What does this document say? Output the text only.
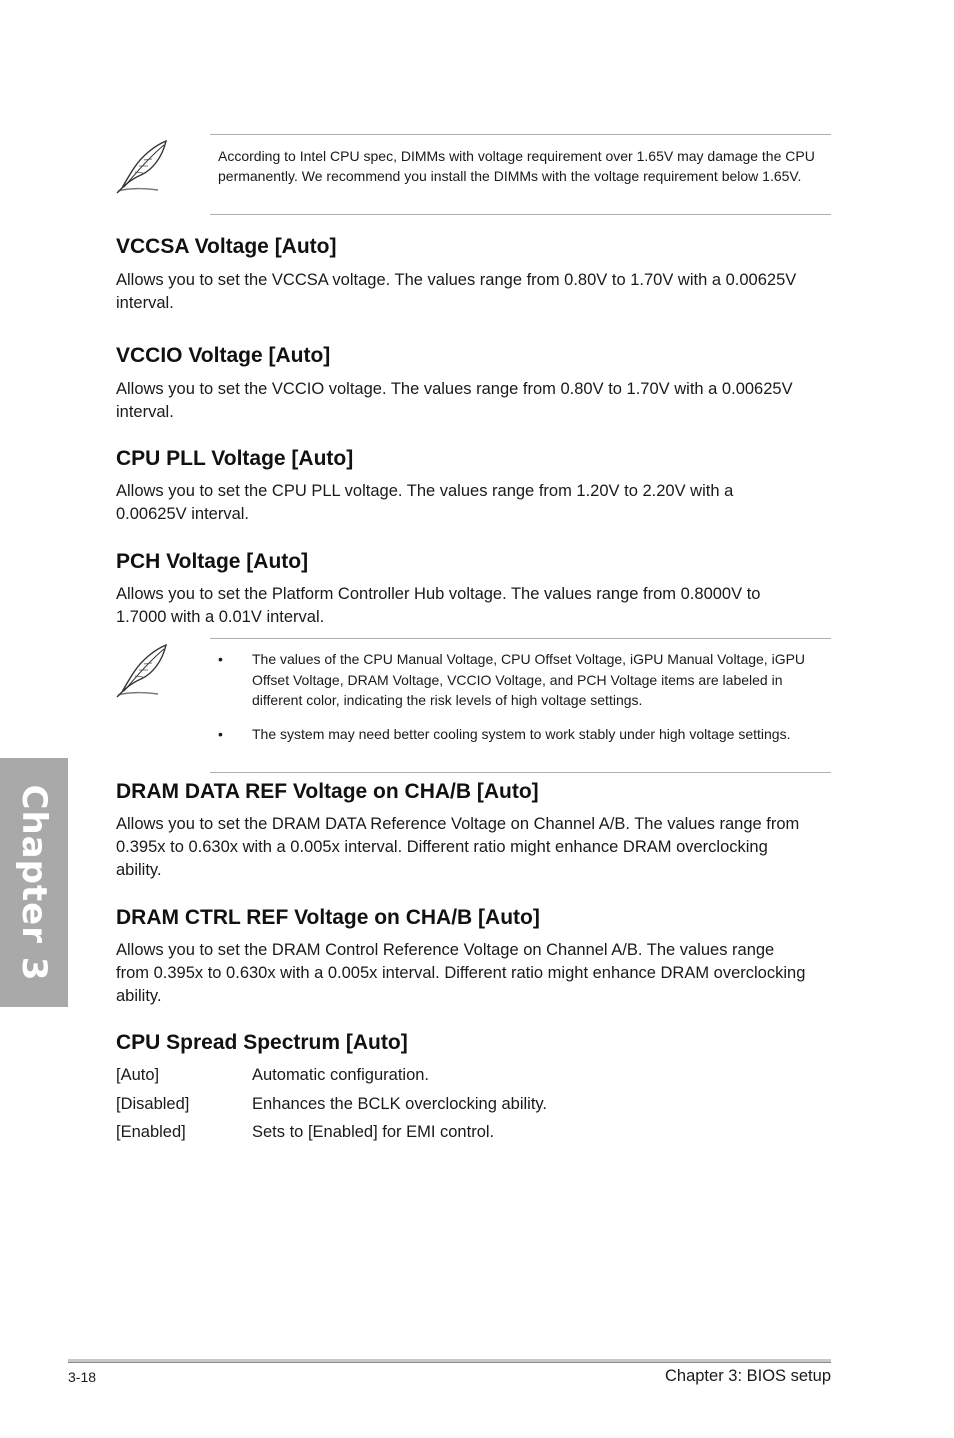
According to Intel CPU spec, DIMMs with voltage requirement over 1.65V may damage the CPU permanently. We recommend you install the DIMMs with the voltage requirement below 1.65V.
VCCSA Voltage [Auto]

Allows you to set the VCCSA voltage. The values range from 0.80V to 1.70V with a 0.00625V interval.

VCCIO Voltage [Auto]

Allows you to set the VCCIO voltage. The values range from 0.80V to 1.70V with a 0.00625V interval.

CPU PLL Voltage [Auto]

Allows you to set the CPU PLL voltage. The values range from 1.20V to 2.20V with a 0.00625V interval.

PCH Voltage [Auto]

Allows you to set the Platform Controller Hub voltage. The values range from 0.8000V to 1.7000 with a 0.01V interval.

• The values of the CPU Manual Voltage, CPU Offset Voltage, iGPU Manual Voltage, iGPU Offset Voltage, DRAM Voltage, VCCIO Voltage, and PCH Voltage items are labeled in different color, indicating the risk levels of high voltage settings.
• The system may need better cooling system to work stably under high voltage settings.
DRAM DATA REF Voltage on CHA/B [Auto]

Allows you to set the DRAM DATA Reference Voltage on Channel A/B. The values range from 0.395x to 0.630x with a 0.005x interval. Different ratio might enhance DRAM overclocking ability.

DRAM CTRL REF Voltage on CHA/B [Auto]

Allows you to set the DRAM Control Reference Voltage on Channel A/B. The values range from 0.395x to 0.630x with a 0.005x interval. Different ratio might enhance DRAM overclocking ability.

CPU Spread Spectrum [Auto]
[Auto]	Automatic configuration.
[Disabled]	Enhances the BCLK overclocking ability.
[Enabled]	Sets to [Enabled] for EMI control.
Chapter 3
3-18	Chapter 3: BIOS setup
